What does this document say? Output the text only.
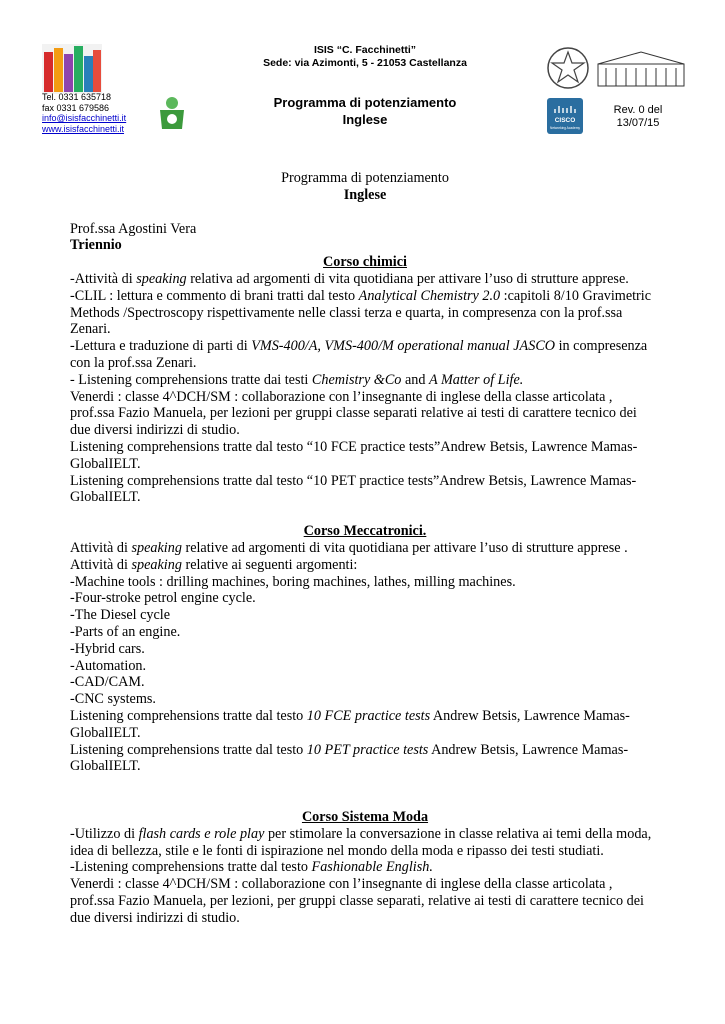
Tel. 0331 635718
fax 0331 679586
info@isisfacchinetti.it
www.isisfacchinetti.it
ISIS “C. Facchinetti”
Sede: via Azimonti, 5 - 21053 Castellanza
Programma di potenziamento
Inglese	CISCO
Networking Academy
Rev. 0 del
13/07/15

Programma di potenziamento

Inglese

Prof.ssa Agostini Vera

Triennio

Corso chimici

-Attività di speaking relativa ad argomenti di vita quotidiana per attivare l’uso di strutture apprese.

-CLIL : lettura e commento di brani tratti dal testo Analytical Chemistry 2.0 :capitoli 8/10 Gravimetric Methods /Spectroscopy rispettivamente nelle classi terza e quarta, in compresenza con la prof.ssa Zenari.

-Lettura e traduzione di parti di VMS-400/A, VMS-400/M operational manual JASCO in compresenza con la prof.ssa Zenari.

- Listening comprehensions tratte dai testi Chemistry &Co and A Matter of Life.

Venerdi : classe 4^DCH/SM : collaborazione con l’insegnante di inglese della classe articolata , prof.ssa Fazio Manuela, per lezioni per gruppi classe separati relative ai testi di carattere tecnico dei due diversi indirizzi di studio.

Listening comprehensions tratte dal testo “10 FCE practice tests”Andrew Betsis, Lawrence Mamas-GlobalIELT.

Listening comprehensions tratte dal testo “10 PET practice tests”Andrew Betsis, Lawrence Mamas-GlobalIELT.

Corso Meccatronici.

Attività di speaking relative ad argomenti di vita quotidiana per attivare l’uso di strutture apprese .

Attività di speaking relative ai seguenti argomenti:

-Machine tools : drilling machines, boring machines, lathes, milling machines.

-Four-stroke petrol engine cycle.

-The Diesel cycle

-Parts of an engine.

-Hybrid cars.

-Automation.

-CAD/CAM.

-CNC systems.

Listening comprehensions tratte dal testo 10 FCE practice tests Andrew Betsis, Lawrence Mamas-GlobalIELT.

Listening comprehensions tratte dal testo 10 PET practice tests Andrew Betsis, Lawrence Mamas-GlobalIELT.

Corso Sistema Moda

-Utilizzo di flash cards e role play per stimolare la conversazione in classe relativa ai temi della moda, idea di bellezza, stile e le fonti di ispirazione nel mondo della moda e ripasso dei testi studiati.

-Listening comprehensions tratte dal testo Fashionable English.

Venerdi : classe 4^DCH/SM : collaborazione con l’insegnante di inglese della classe articolata , prof.ssa Fazio Manuela, per lezioni, per gruppi classe separati, relative ai testi di carattere tecnico dei due diversi indirizzi di studio.
